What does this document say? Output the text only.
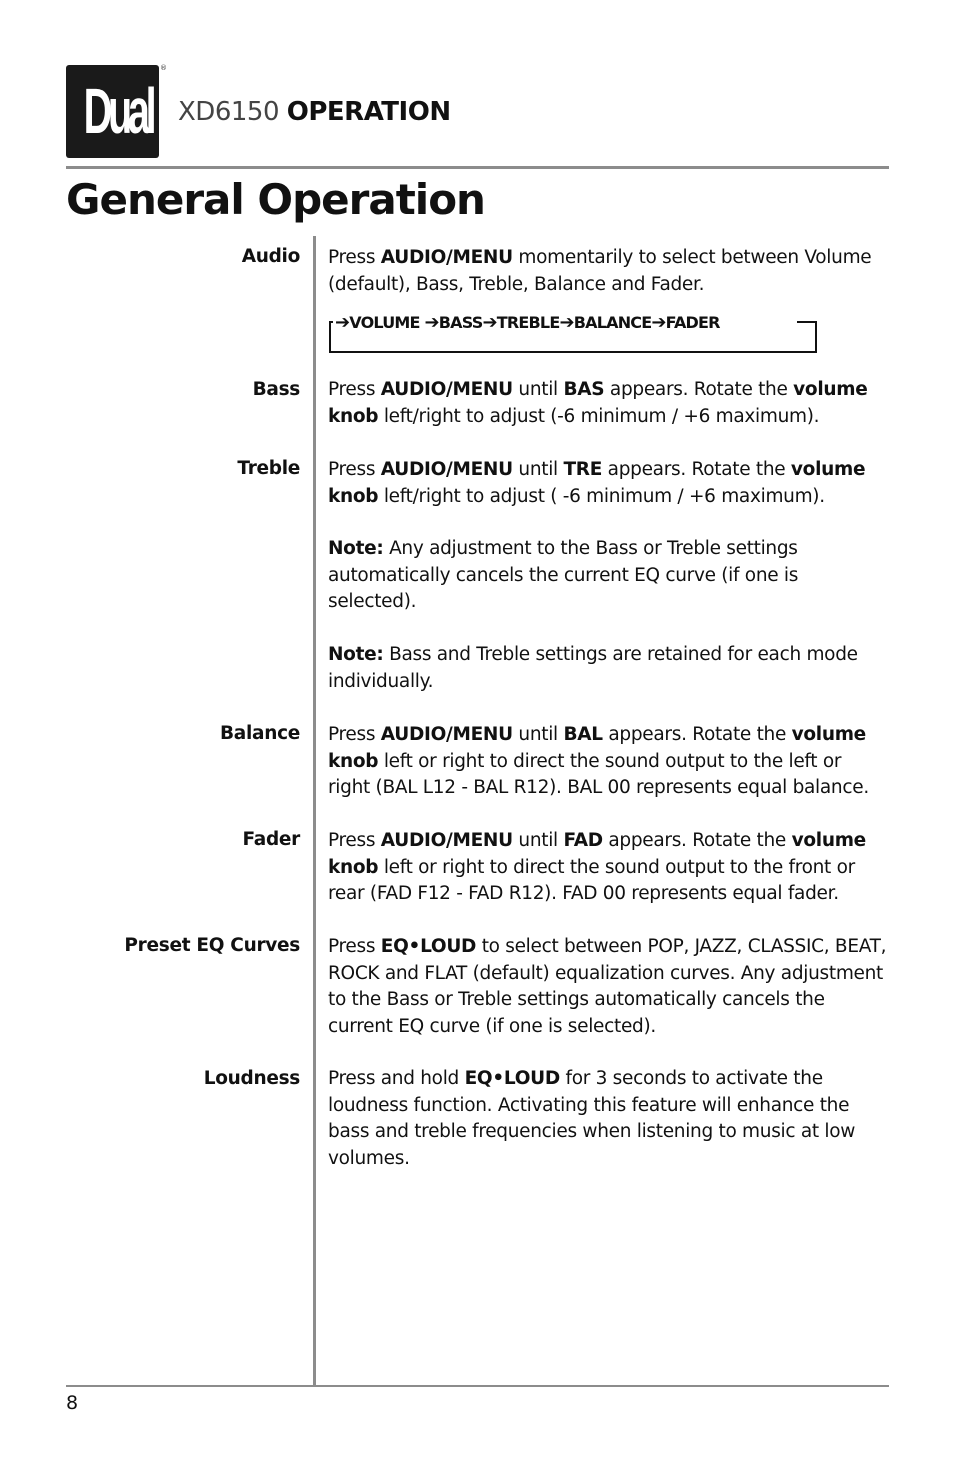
Dual
®
XD6150 OPERATION
General Operation
Audio Press AUDIO/MENU momentarily to select between Volume (default), Bass, Treble, Balance and Fader.
➔VOLUME ➔BASS➔TREBLE➔BALANCE➔FADER
Bass Press AUDIO/MENU until BAS appears. Rotate the volume knob left/right to adjust (-6 minimum / +6 maximum).
Treble Press AUDIO/MENU until TRE appears. Rotate the volume knob left/right to adjust ( -6 minimum / +6 maximum).
Note: Any adjustment to the Bass or Treble settings automatically cancels the current EQ curve (if one is selected).
Note: Bass and Treble settings are retained for each mode individually.
Balance Press AUDIO/MENU until BAL appears. Rotate the volume knob left or right to direct the sound output to the left or right (BAL L12 - BAL R12). BAL 00 represents equal balance.
Fader Press AUDIO/MENU until FAD appears. Rotate the volume knob left or right to direct the sound output to the front or rear (FAD F12 - FAD R12). FAD 00 represents equal fader.
Preset EQ Curves Press EQ•LOUD to select between POP, JAZZ, CLASSIC, BEAT, ROCK and FLAT (default) equalization curves. Any adjustment to the Bass or Treble settings automatically cancels the current EQ curve (if one is selected).
Loudness Press and hold EQ•LOUD for 3 seconds to activate the loudness function. Activating this feature will enhance the bass and treble frequencies when listening to music at low volumes.
8
